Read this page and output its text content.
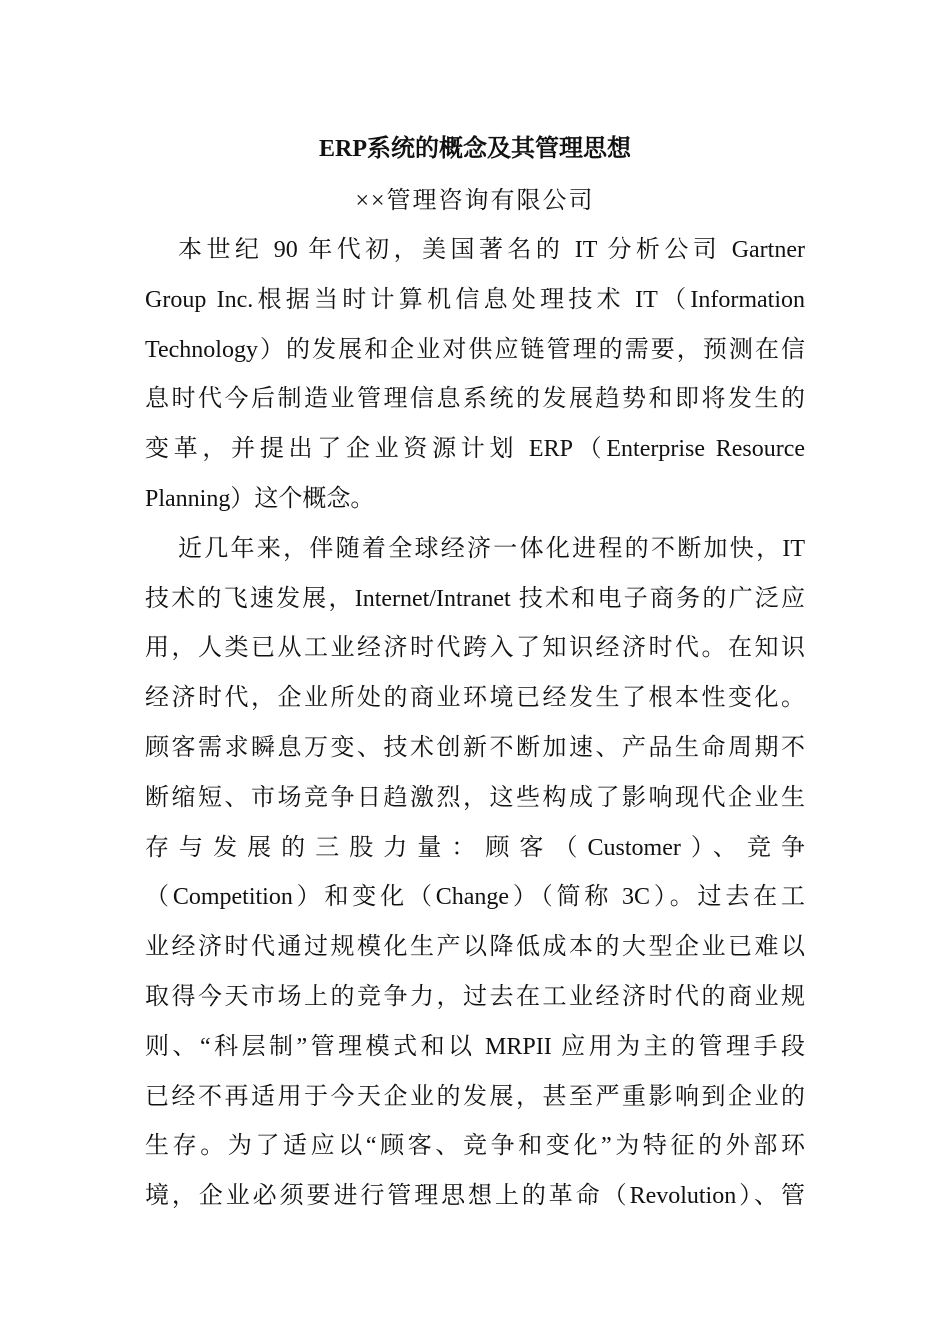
ERP系统的概念及其管理思想
××管理咨询有限公司
本世纪 90 年代初，美国著名的 IT 分析公司 Gartner
Group Inc.根据当时计算机信息处理技术 IT（Information
Technology）的发展和企业对供应链管理的需要，预测在信
息时代今后制造业管理信息系统的发展趋势和即将发生的
变革，并提出了企业资源计划 ERP（Enterprise Resource
Planning）这个概念。
近几年来，伴随着全球经济一体化进程的不断加快，IT
技术的飞速发展，Internet/Intranet 技术和电子商务的广泛应
用，人类已从工业经济时代跨入了知识经济时代。在知识
经济时代，企业所处的商业环境已经发生了根本性变化。
顾客需求瞬息万变、技术创新不断加速、产品生命周期不
断缩短、市场竞争日趋激烈，这些构成了影响现代企业生
存与发展的三股力量：顾客（Customer）、竞争
（Competition）和变化（Change）（简称 3C）。过去在工
业经济时代通过规模化生产以降低成本的大型企业已难以
取得今天市场上的竞争力，过去在工业经济时代的商业规
则、“科层制”管理模式和以 MRPII 应用为主的管理手段
已经不再适用于今天企业的发展，甚至严重影响到企业的
生存。为了适应以“顾客、竞争和变化”为特征的外部环
境，企业必须要进行管理思想上的革命（Revolution）、管
